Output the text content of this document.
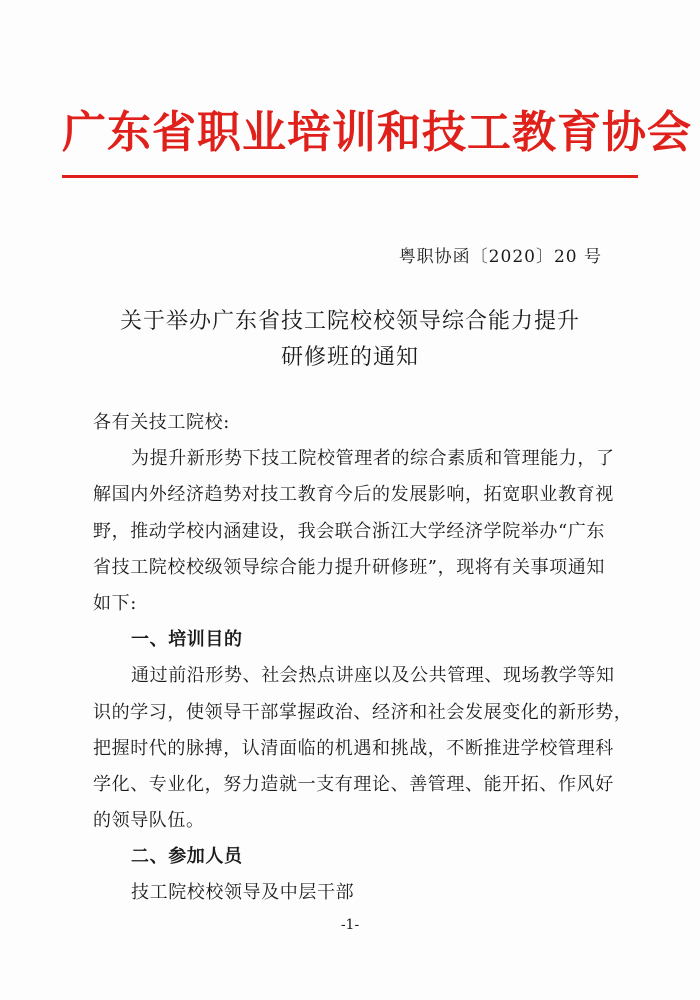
广东省职业培训和技工教育协会
粤职协函〔2020〕20 号
关于举办广东省技工院校校领导综合能力提升
研修班的通知
各有关技工院校:
为提升新形势下技工院校管理者的综合素质和管理能力，了
解国内外经济趋势对技工教育今后的发展影响，拓宽职业教育视
野，推动学校内涵建设，我会联合浙江大学经济学院举办“广东
省技工院校校级领导综合能力提升研修班”，现将有关事项通知
如下:
一、培训目的
通过前沿形势、社会热点讲座以及公共管理、现场教学等知
识的学习，使领导干部掌握政治、经济和社会发展变化的新形势，
把握时代的脉搏，认清面临的机遇和挑战，不断推进学校管理科
学化、专业化，努力造就一支有理论、善管理、能开拓、作风好
的领导队伍。
二、参加人员
技工院校校领导及中层干部
-1-
